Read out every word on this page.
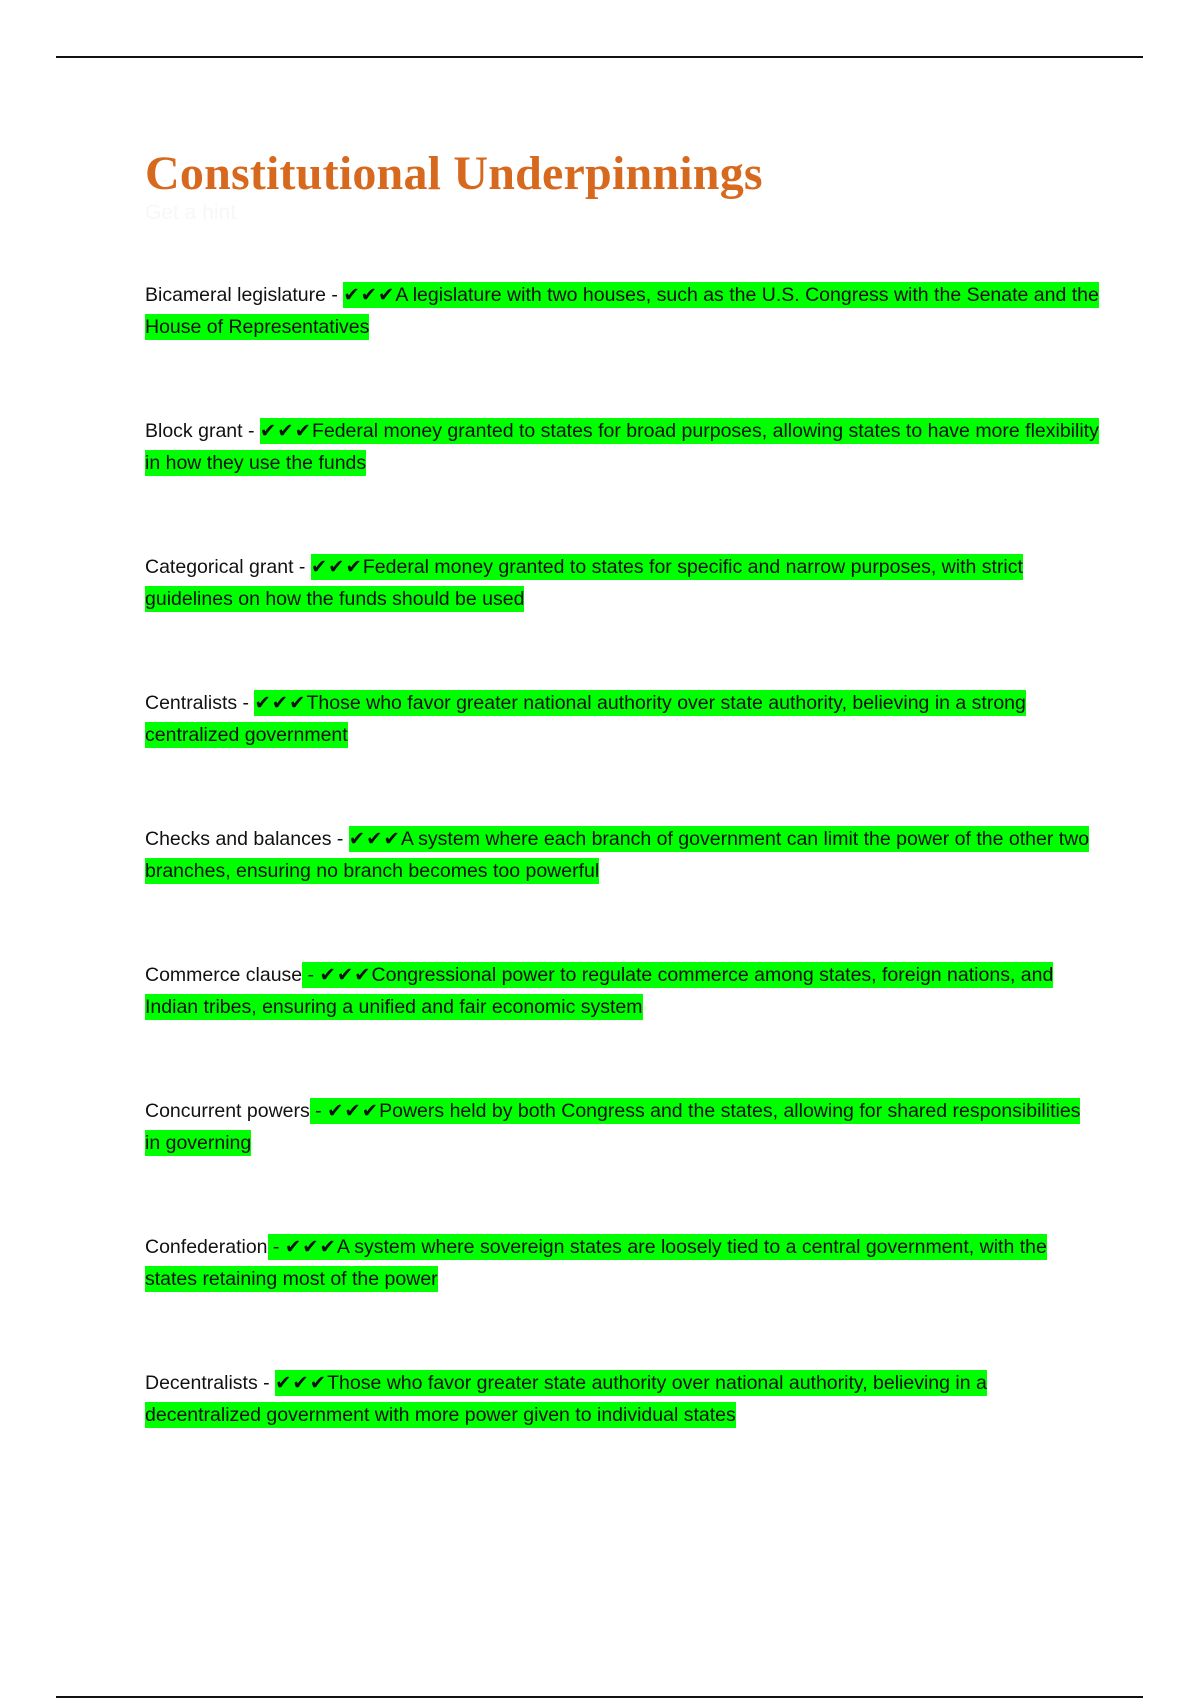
Constitutional Underpinnings
Get a hint
Bicameral legislature - ✔✔✔A legislature with two houses, such as the U.S. Congress with the Senate and the House of Representatives
Block grant - ✔✔✔Federal money granted to states for broad purposes, allowing states to have more flexibility in how they use the funds
Categorical grant - ✔✔✔Federal money granted to states for specific and narrow purposes, with strict guidelines on how the funds should be used
Centralists - ✔✔✔Those who favor greater national authority over state authority, believing in a strong centralized government
Checks and balances - ✔✔✔A system where each branch of government can limit the power of the other two branches, ensuring no branch becomes too powerful
Commerce clause - ✔✔✔Congressional power to regulate commerce among states, foreign nations, and Indian tribes, ensuring a unified and fair economic system
Concurrent powers - ✔✔✔Powers held by both Congress and the states, allowing for shared responsibilities in governing
Confederation - ✔✔✔A system where sovereign states are loosely tied to a central government, with the states retaining most of the power
Decentralists - ✔✔✔Those who favor greater state authority over national authority, believing in a decentralized government with more power given to individual states
